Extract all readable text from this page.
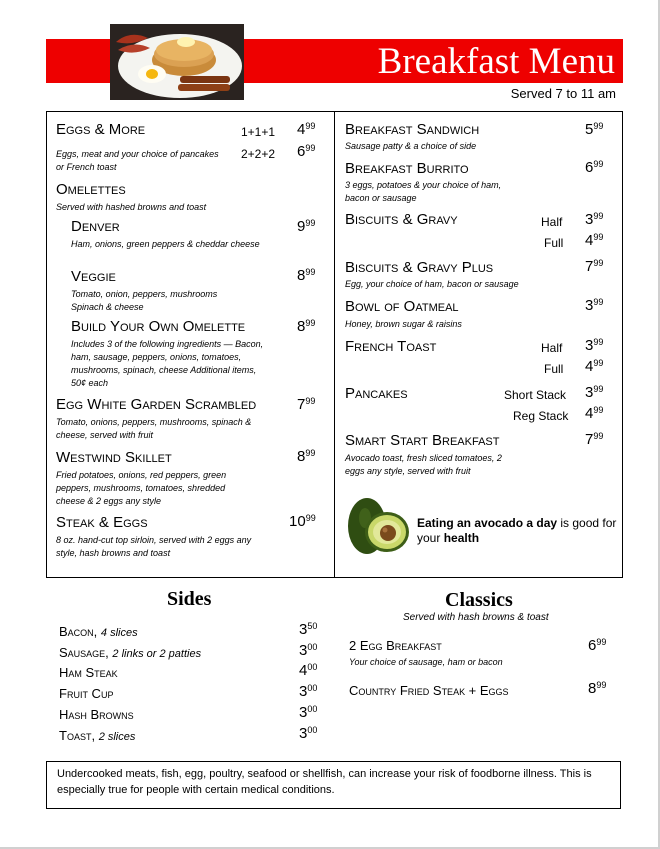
Breakfast Menu
Served 7 to 11 am
Eggs & More	1+1+1 $4^{99}$
Eggs, meat and your choice of pancakes or French toast
2+2+2 $6^{99}$
Omelettes
Served with hashed browns and toast
Denver	$9^{99}$
Ham, onions, green peppers & cheddar cheese
Veggie	$8^{99}$
Tomato, onion, peppers, mushrooms Spinach & cheese
Build Your Own Omelette	$8^{99}$
Includes 3 of the following ingredients — Bacon, ham, sausage, peppers, onions, tomatoes, mushrooms, spinach, cheese Additional items, 50¢ each
Egg White Garden Scrambled	$7^{99}$
Tomato, onions, peppers, mushrooms, spinach & cheese, served with fruit
Westwind Skillet	$8^{99}$
Fried potatoes, onions, red peppers, green peppers, mushrooms, tomatoes, shredded cheese & 2 eggs any style
Steak & Eggs	$10^{99}$
8 oz. hand-cut top sirloin, served with 2 eggs any style, hash browns and toast
Breakfast Sandwich	$5^{99}$
Sausage patty & a choice of side
Breakfast Burrito	$6^{99}$
3 eggs, potatoes & your choice of ham, bacon or sausage
Biscuits & Gravy	Half $3^{99}$
Full $4^{99}$
Biscuits & Gravy Plus	$7^{99}$
Egg, your choice of ham, bacon or sausage
Bowl of Oatmeal	$3^{99}$
Honey, brown sugar & raisins
French Toast	Half $3^{99}$
Full $4^{99}$
Pancakes	Short Stack $3^{99}$
Reg Stack $4^{99}$
Smart Start Breakfast	$7^{99}$
Avocado toast, fresh sliced tomatoes, 2 eggs any style, served with fruit
Eating an avocado a day is good for your health
Sides
Bacon, 4 slices	$3^{50}$
Sausage, 2 links or 2 patties	$3^{00}$
Ham Steak	$4^{00}$
Fruit Cup	$3^{00}$
Hash Browns	$3^{00}$
Toast, 2 slices	$3^{00}$
Classics
Served with hash browns & toast
2 Egg Breakfast	$6^{99}$
Your choice of sausage, ham or bacon
Country Fried Steak + Eggs	$8^{99}$
Undercooked meats, fish, egg, poultry, seafood or shellfish, can increase your risk of foodborne illness. This is especially true for people with certain medical conditions.
